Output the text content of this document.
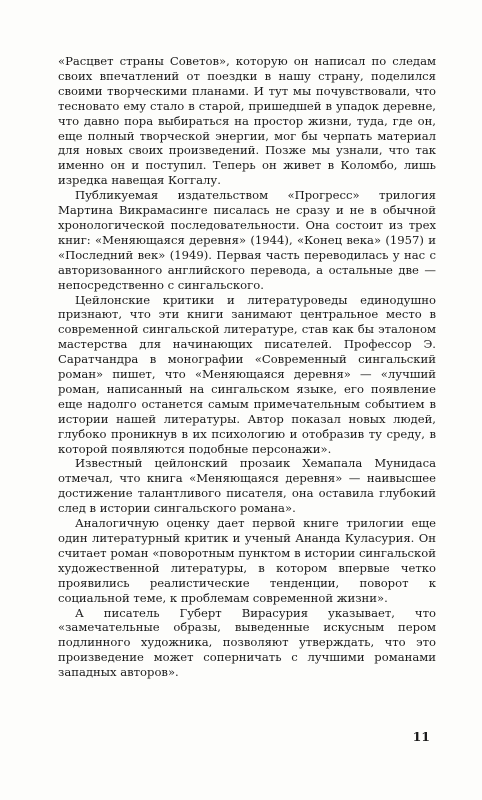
«Расцвет страны Советов», которую он написал по следам своих впечатлений от поездки в нашу страну, поделился своими творческими планами. И тут мы почувствовали, что тесновато ему стало в старой, пришедшей в упадок деревне, что давно пора выбираться на простор жизни, туда, где он, еще полный творческой энергии, мог бы черпать материал для новых своих произведений. Позже мы узнали, что так именно он и поступил. Теперь он живет в Коломбо, лишь изредка навещая Коггалу.

Публикуемая издательством «Прогресс» трилогия Мартина Викрамасинге писалась не сразу и не в обычной хронологической последовательности. Она состоит из трех книг: «Меняющаяся деревня» (1944), «Конец века» (1957) и «Последний век» (1949). Первая часть переводилась у нас с авторизованного английского перевода, а остальные две — непосредственно с сингальского.

Цейлонские критики и литературоведы единодушно признают, что эти книги занимают центральное место в современной сингальской литературе, став как бы эталоном мастерства для начинающих писателей. Профессор Э. Саратчандра в монографии «Современный сингальский роман» пишет, что «Меняющаяся деревня» — «лучший роман, написанный на сингальском языке, его появление еще надолго останется самым примечательным событием в истории нашей литературы. Автор показал новых людей, глубоко проникнув в их психологию и отобразив ту среду, в которой появляются подобные персонажи».

Известный цейлонский прозаик Хемапала Мунидаса отмечал, что книга «Меняющаяся деревня» — наивысшее достижение талантливого писателя, она оставила глубокий след в истории сингальского романа».

Аналогичную оценку дает первой книге трилогии еще один литературный критик и ученый Ананда Куласурия. Он считает роман «поворотным пунктом в истории сингальской художественной литературы, в котором впервые четко проявились реалистические тенденции, поворот к социальной теме, к проблемам современной жизни».

А писатель Губерт Вирасурия указывает, что «замечательные образы, выведенные искусным пером подлинного художника, позволяют утверждать, что это произведение может соперничать с лучшими романами западных авторов».

11
